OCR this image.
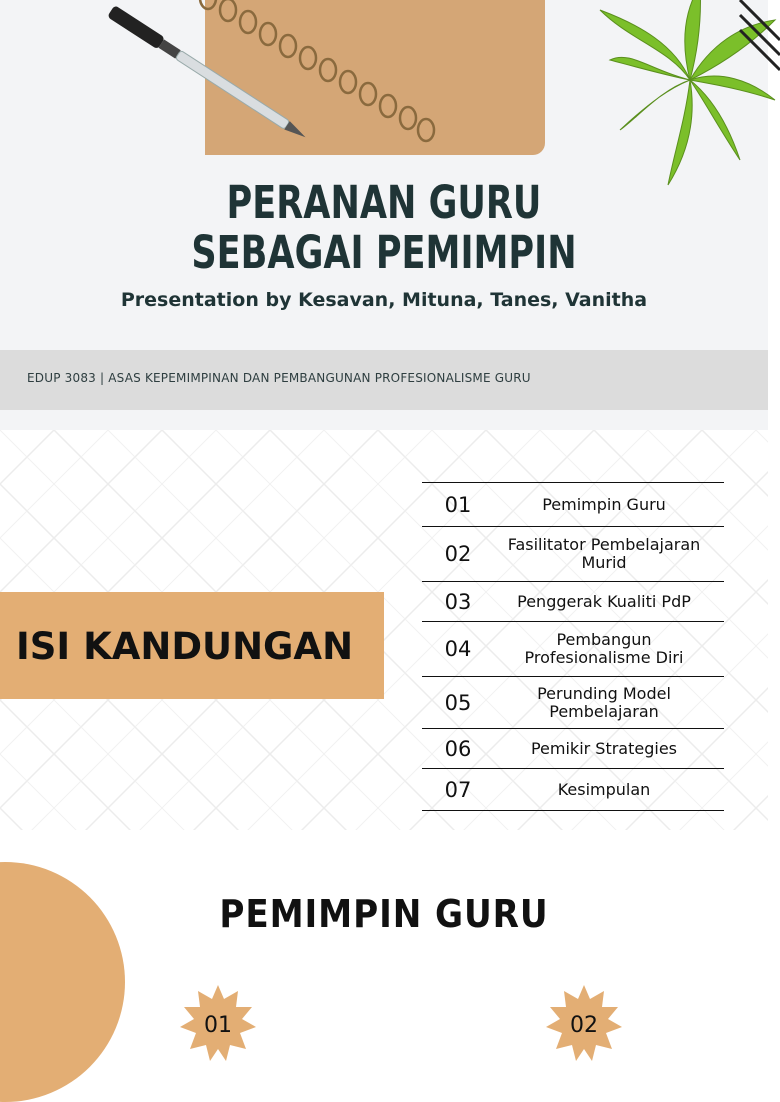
PERANAN GURU
SEBAGAI PEMIMPIN
Presentation by Kesavan, Mituna, Tanes, Vanitha
EDUP 3083 | ASAS KEPEMIMPINAN DAN PEMBANGUNAN PROFESIONALISME GURU
ISI KANDUNGAN
01	Pemimpin Guru
02	Fasilitator Pembelajaran Murid
03	Penggerak Kualiti PdP
04	Pembangun Profesionalisme Diri
05	Perunding Model Pembelajaran
06	Pemikir Strategies
07	Kesimpulan
PEMIMPIN GURU
01	02
